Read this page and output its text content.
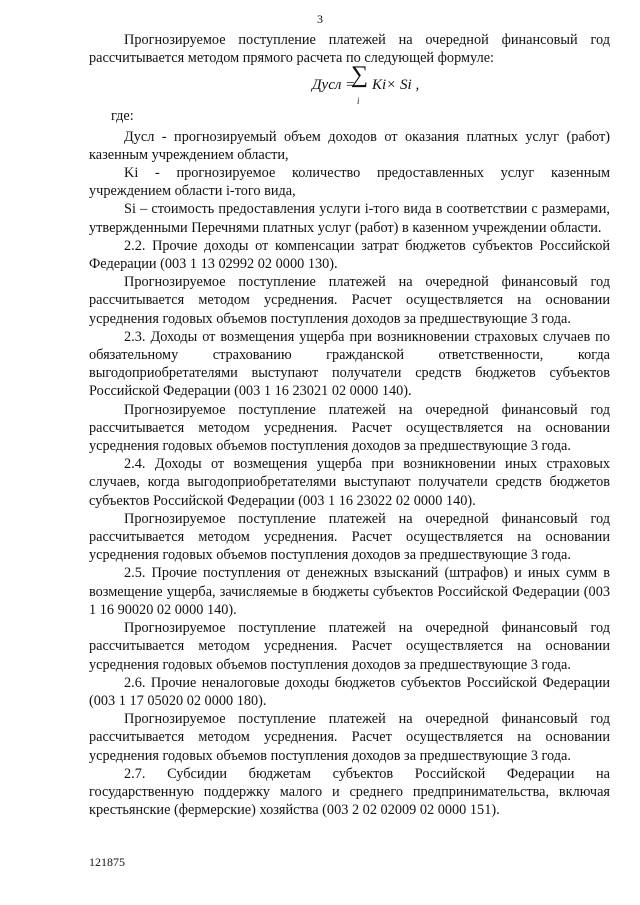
3

Прогнозируемое поступление платежей на очередной финансовый год рассчитывается методом прямого расчета по следующей формуле:

Дусл =
∑
i
Ki× Si ,

где:

Дусл - прогнозируемый объем доходов от оказания платных услуг (работ) казенным учреждением области,

Ki - прогнозируемое количество предоставленных услуг казенным учреждением области i-того вида,

Si – стоимость предоставления услуги i-того вида в соответствии с размерами, утвержденными Перечнями платных услуг (работ) в казенном учреждении области.

2.2. Прочие доходы от компенсации затрат бюджетов субъектов Российской Федерации (003 1 13 02992 02 0000 130).

Прогнозируемое поступление платежей на очередной финансовый год рассчитывается методом усреднения. Расчет осуществляется на основании усреднения годовых объемов поступления доходов за предшествующие 3 года.

2.3. Доходы от возмещения ущерба при возникновении страховых случаев по обязательному страхованию гражданской ответственности, когда выгодоприобретателями выступают получатели средств бюджетов субъектов Российской Федерации (003 1 16 23021 02 0000 140).

Прогнозируемое поступление платежей на очередной финансовый год рассчитывается методом усреднения. Расчет осуществляется на основании усреднения годовых объемов поступления доходов за предшествующие 3 года.

2.4. Доходы от возмещения ущерба при возникновении иных страховых случаев, когда выгодоприобретателями выступают получатели средств бюджетов субъектов Российской Федерации (003 1 16 23022 02 0000 140).

Прогнозируемое поступление платежей на очередной финансовый год рассчитывается методом усреднения. Расчет осуществляется на основании усреднения годовых объемов поступления доходов за предшествующие 3 года.

2.5. Прочие поступления от денежных взысканий (штрафов) и иных сумм в возмещение ущерба, зачисляемые в бюджеты субъектов Российской Федерации (003 1 16 90020 02 0000 140).

Прогнозируемое поступление платежей на очередной финансовый год рассчитывается методом усреднения. Расчет осуществляется на основании усреднения годовых объемов поступления доходов за предшествующие 3 года.

2.6. Прочие неналоговые доходы бюджетов субъектов Российской Федерации (003 1 17 05020 02 0000 180).

Прогнозируемое поступление платежей на очередной финансовый год рассчитывается методом усреднения. Расчет осуществляется на основании усреднения годовых объемов поступления доходов за предшествующие 3 года.

2.7. Субсидии бюджетам субъектов Российской Федерации на государственную поддержку малого и среднего предпринимательства, включая крестьянские (фермерские) хозяйства (003 2 02 02009 02 0000 151).

121875
